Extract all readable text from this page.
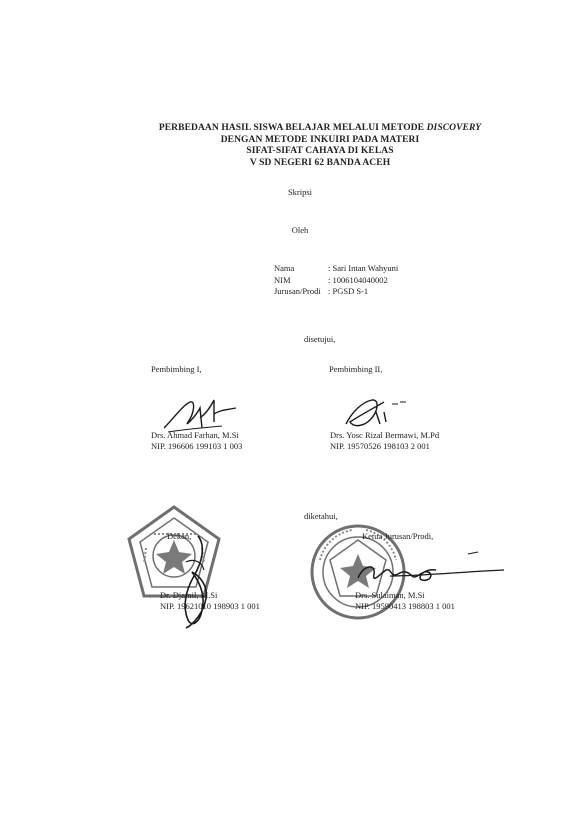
PERBEDAAN HASIL SISWA BELAJAR MELALUI METODE DISCOVERY
DENGAN METODE INKUIRI PADA MATERI
SIFAT-SIFAT CAHAYA DI KELAS
V SD NEGERI 62 BANDA ACEH
Skripsi
Oleh
Nama	: Sari Intan Wahyuni
NIM	: 1006104040002
Jurusan/Prodi : PGSD S-1
disetujui,
Pembimbing I,	Pembimbing II,
Drs. Ahmad Farhan, M.Si
NIP. 196606 199103 1 003
Drs. Yosc Rizal Bermawi, M.Pd
NIP. 19570526 198103 2 001
diketahui,
Dekan,	Ketua Jurusan/Prodi,
Dr. Djamil, M.Si
NIP. 19621010 198903 1 001
Drs. Sulaiman, M.Si
NIP. 19590413 198803 1 001
